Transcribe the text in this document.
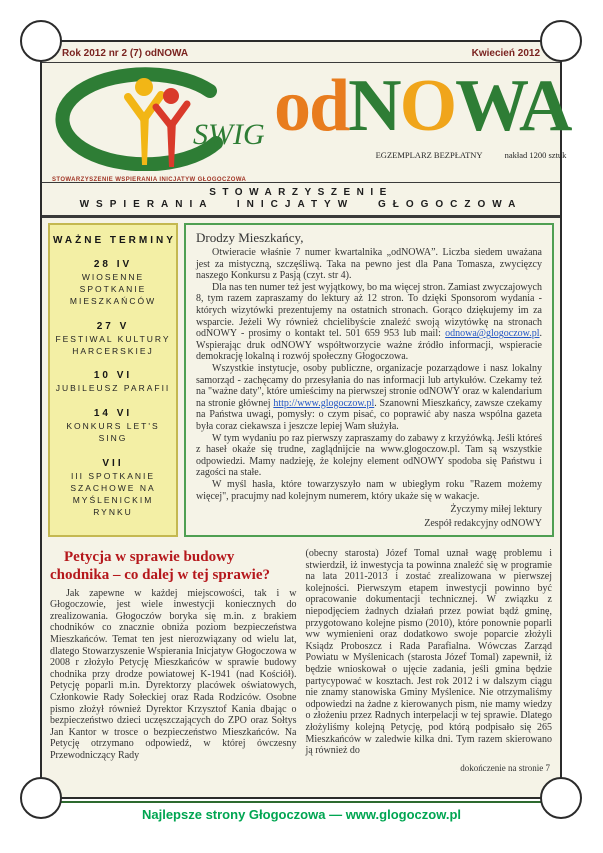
Najlepsze strony Głogoczowa — www.glogoczow.pl
Rok 2012 nr 2 (7) odNOWA	Kwiecień 2012
SWIG
STOWARZYSZENIE WSPIERANIA INICJATYW GŁOGOCZOWA
odNOWA
EGZEMPLARZ BEZPŁATNY	nakład 1200 sztuk
STOWARZYSZENIE
WSPIERANIA INICJATYW GŁOGOCZOWA
WAŻNE TERMINY
28 IV
WIOSENNE SPOTKANIE MIESZKAŃCÓW
27 V
FESTIWAL KULTURY HARCERSKIEJ
10 VI
JUBILEUSZ PARAFII
14 VI
KONKURS LET'S SING
VII
III SPOTKANIE SZACHOWE NA MYŚLENICKIM RYNKU
Drodzy Mieszkańcy,

Otwieracie właśnie 7 numer kwartalnika „odNOWA”. Liczba siedem uważana jest za mistyczną, szczęśliwą. Taka na pewno jest dla Pana Tomasza, zwycięzcy naszego Konkursu z Pasją (czyt. str 4).

Dla nas ten numer też jest wyjątkowy, bo ma więcej stron. Zamiast zwyczajowych 8, tym razem zapraszamy do lektury aż 12 stron. To dzięki Sponsorom wydania - których wizytówki prezentujemy na ostatnich stronach. Gorąco dziękujemy im za wsparcie. Jeżeli Wy również chcielibyście znaleźć swoją wizytówkę na stronach odNOWY - prosimy o kontakt tel. 501 659 953 lub mail: odnowa@glogoczow.pl. Wspierając druk odNOWY współtworzycie ważne źródło informacji, wspieracie demokrację lokalną i rozwój społeczny Głogoczowa.

Wszystkie instytucje, osoby publiczne, organizacje pozarządowe i nasz lokalny samorząd - zachęcamy do przesyłania do nas informacji lub artykułów. Czekamy też na "ważne daty", które umieścimy na pierwszej stronie odNOWY oraz w kalendarium na stronie głównej http://www.glogoczow.pl. Szanowni Mieszkańcy, zawsze czekamy na Państwa uwagi, pomysły: o czym pisać, co poprawić aby nasza wspólna gazeta była coraz ciekawsza i jeszcze lepiej Wam służyła.

W tym wydaniu po raz pierwszy zapraszamy do zabawy z krzyżówką. Jeśli któreś z haseł okaże się trudne, zaglądnijcie na www.glogoczow.pl. Tam są wszystkie odpowiedzi. Mamy nadzieję, że kolejny element odNOWY spodoba się Państwu i zagości na stałe.

W myśl hasła, które towarzyszyło nam w ubiegłym roku "Razem możemy więcej", pracujmy nad kolejnym numerem, który ukaże się w wakacje.

Życzymy miłej lektury

Zespół redakcyjny odNOWY

Petycja w sprawie budowy chodnika – co dalej w tej sprawie?

Jak zapewne w każdej miejscowości, tak i w Głogoczowie, jest wiele inwestycji koniecznych do zrealizowania. Głogoczów boryka się m.in. z brakiem chodników co znacznie obniża poziom bezpieczeństwa Mieszkańców. Temat ten jest nierozwiązany od wielu lat, dlatego Stowarzyszenie Wspierania Inicjatyw Głogoczowa w 2008 r złożyło Petycję Mieszkańców w sprawie budowy chodnika przy drodze powiatowej K-1941 (nad Kościół). Petycję poparli m.in. Dyrektorzy placówek oświatowych, Członkowie Rady Sołeckiej oraz Rada Rodziców. Osobne pismo złożył również Dyrektor Krzysztof Kania dbając o bezpieczeństwo dzieci uczęszczających do ZPO oraz Sołtys Jan Kantor w trosce o bezpieczeństwo Mieszkańców. Na Petycję otrzymano odpowiedź, w której ówczesny Przewodniczący Rady

(obecny starosta) Józef Tomal uznał wagę problemu i stwierdził, iż inwestycja ta powinna znaleźć się w programie na lata 2011-2013 i zostać zrealizowana w pierwszej kolejności. Pierwszym etapem inwestycji powinno być opracowanie dokumentacji technicznej. W związku z niepodjęciem żadnych działań przez powiat bądź gminę, przygotowano kolejne pismo (2010), które ponownie poparli ww wymienieni oraz dodatkowo swoje poparcie złożyli Ksiądz Proboszcz i Rada Parafialna. Wówczas Zarząd Powiatu w Myślenicach (starosta Józef Tomal) zapewnił, iż będzie wnioskował o ujęcie zadania, jeśli gmina będzie partycypować w kosztach. Jest rok 2012 i w dalszym ciągu nie znamy stanowiska Gminy Myślenice. Nie otrzymaliśmy odpowiedzi na żadne z kierowanych pism, nie mamy wiedzy o złożeniu przez Radnych interpelacji w tej sprawie. Dlatego złożyliśmy kolejną Petycję, pod którą podpisało się 265 Mieszkańców w zaledwie kilka dni. Tym razem skierowano ją również do

dokończenie na stronie 7
